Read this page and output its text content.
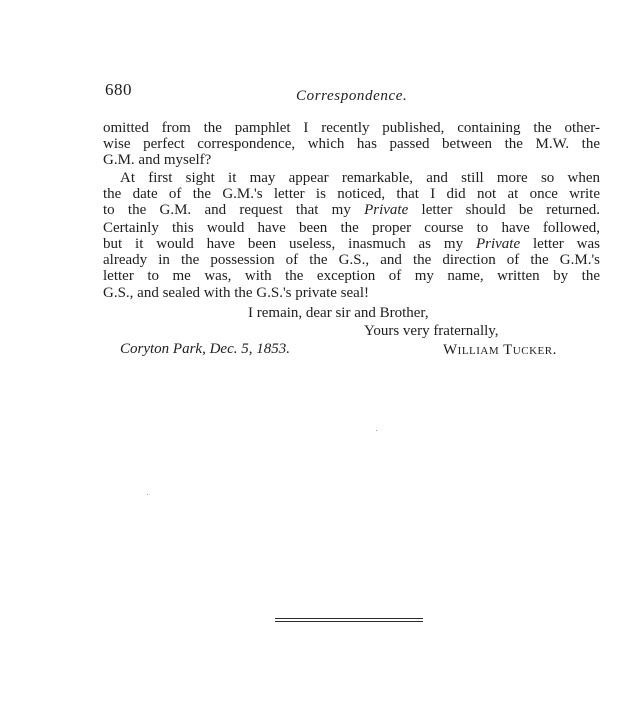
680	Correspondence.
omitted from the pamphlet I recently published, containing the other-
wise perfect correspondence, which has passed between the M.W. the
G.M. and myself?
At first sight it may appear remarkable, and still more so when
the date of the G.M.'s letter is noticed, that I did not at once write
to the G.M. and request that my Private letter should be returned.
Certainly this would have been the proper course to have followed,
but it would have been useless, inasmuch as my Private letter was
already in the possession of the G.S., and the direction of the G.M.'s
letter to me was, with the exception of my name, written by the
G.S., and sealed with the G.S.'s private seal!
I remain, dear sir and Brother,
Yours very fraternally,
Coryton Park, Dec. 5, 1853.	William Tucker.
